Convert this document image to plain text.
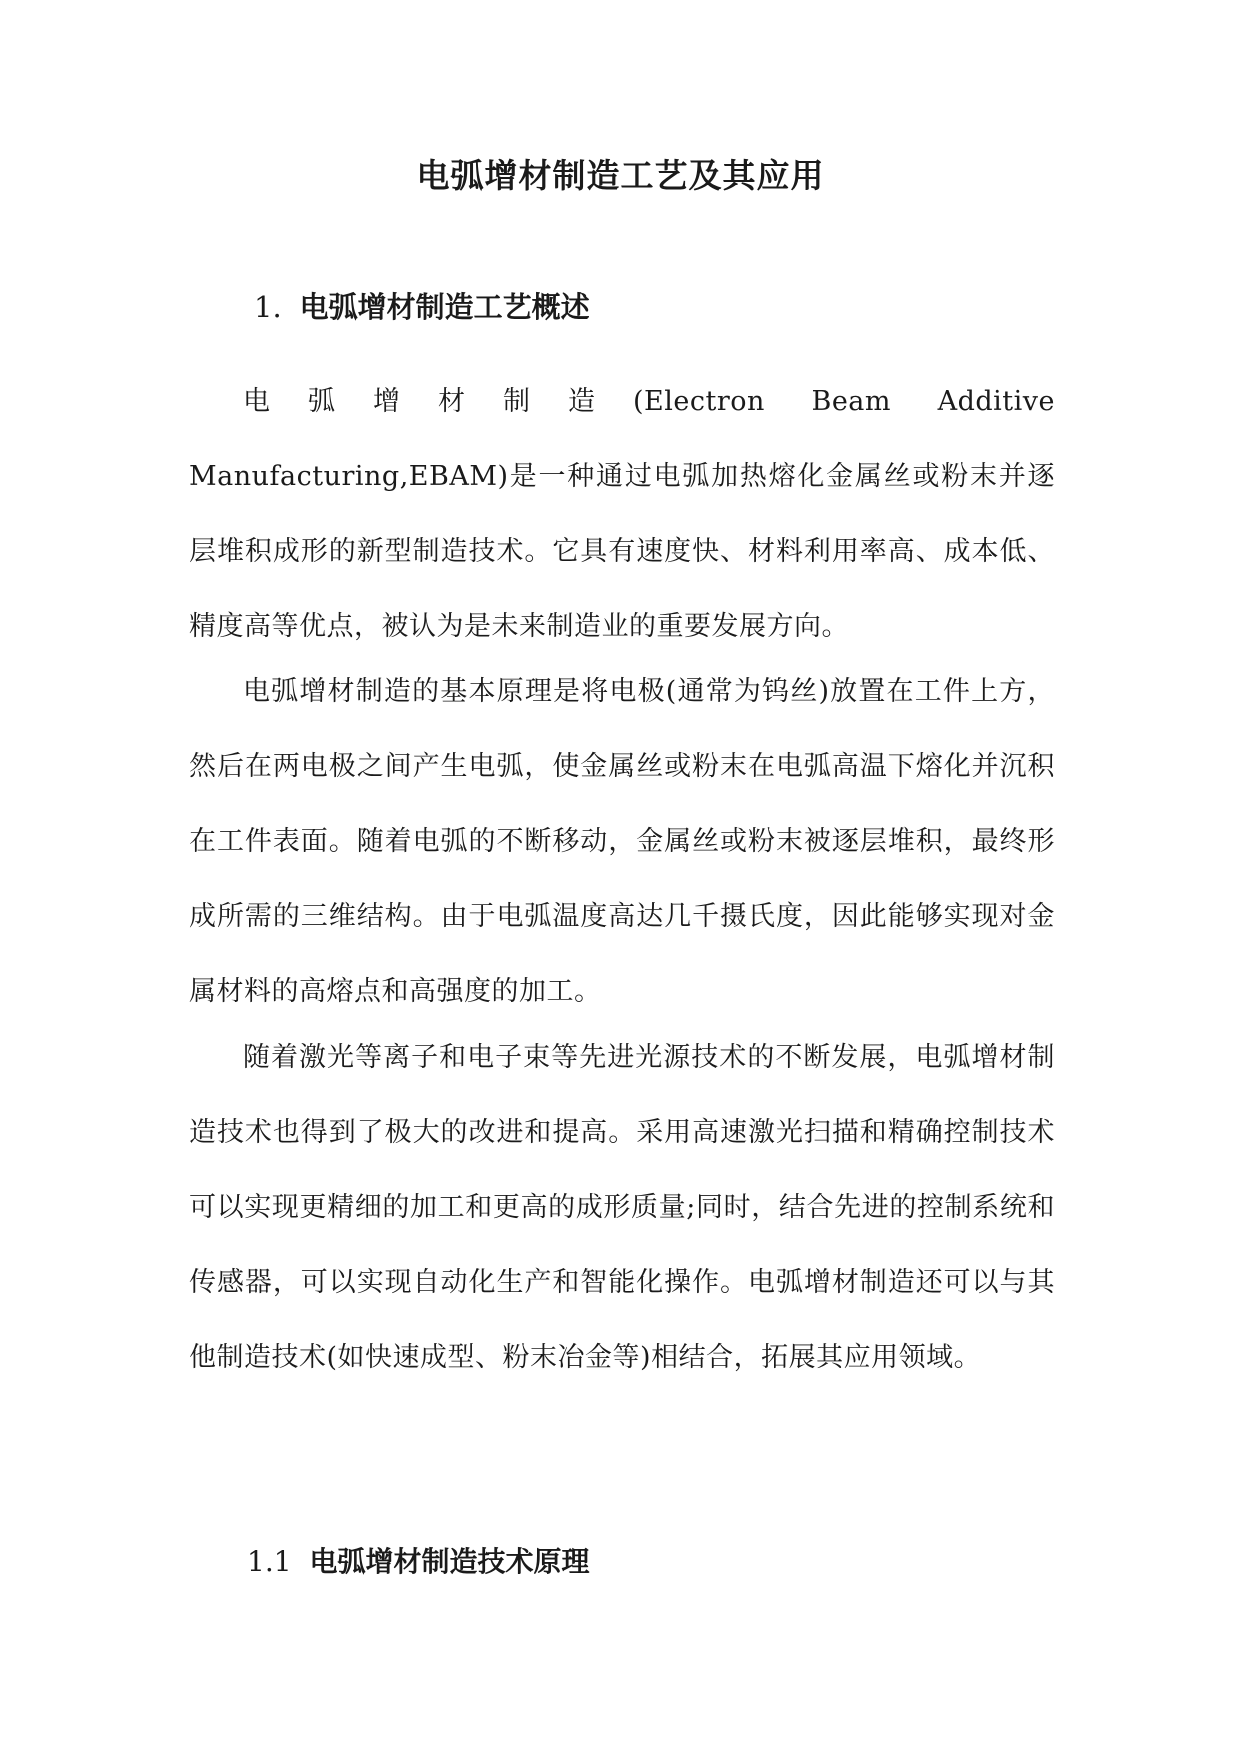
电弧增材制造工艺及其应用
1. 电弧增材制造工艺概述

电弧增材制造(Electron Beam Additive Manufacturing,EBAM)是一种通过电弧加热熔化金属丝或粉末并逐层堆积成形的新型制造技术。它具有速度快、材料利用率高、成本低、精度高等优点，被认为是未来制造业的重要发展方向。

电弧增材制造的基本原理是将电极(通常为钨丝)放置在工件上方，然后在两电极之间产生电弧，使金属丝或粉末在电弧高温下熔化并沉积在工件表面。随着电弧的不断移动，金属丝或粉末被逐层堆积，最终形成所需的三维结构。由于电弧温度高达几千摄氏度，因此能够实现对金属材料的高熔点和高强度的加工。

随着激光等离子和电子束等先进光源技术的不断发展，电弧增材制造技术也得到了极大的改进和提高。采用高速激光扫描和精确控制技术可以实现更精细的加工和更高的成形质量;同时，结合先进的控制系统和传感器，可以实现自动化生产和智能化操作。电弧增材制造还可以与其他制造技术(如快速成型、粉末冶金等)相结合，拓展其应用领域。

1.1 电弧增材制造技术原理
